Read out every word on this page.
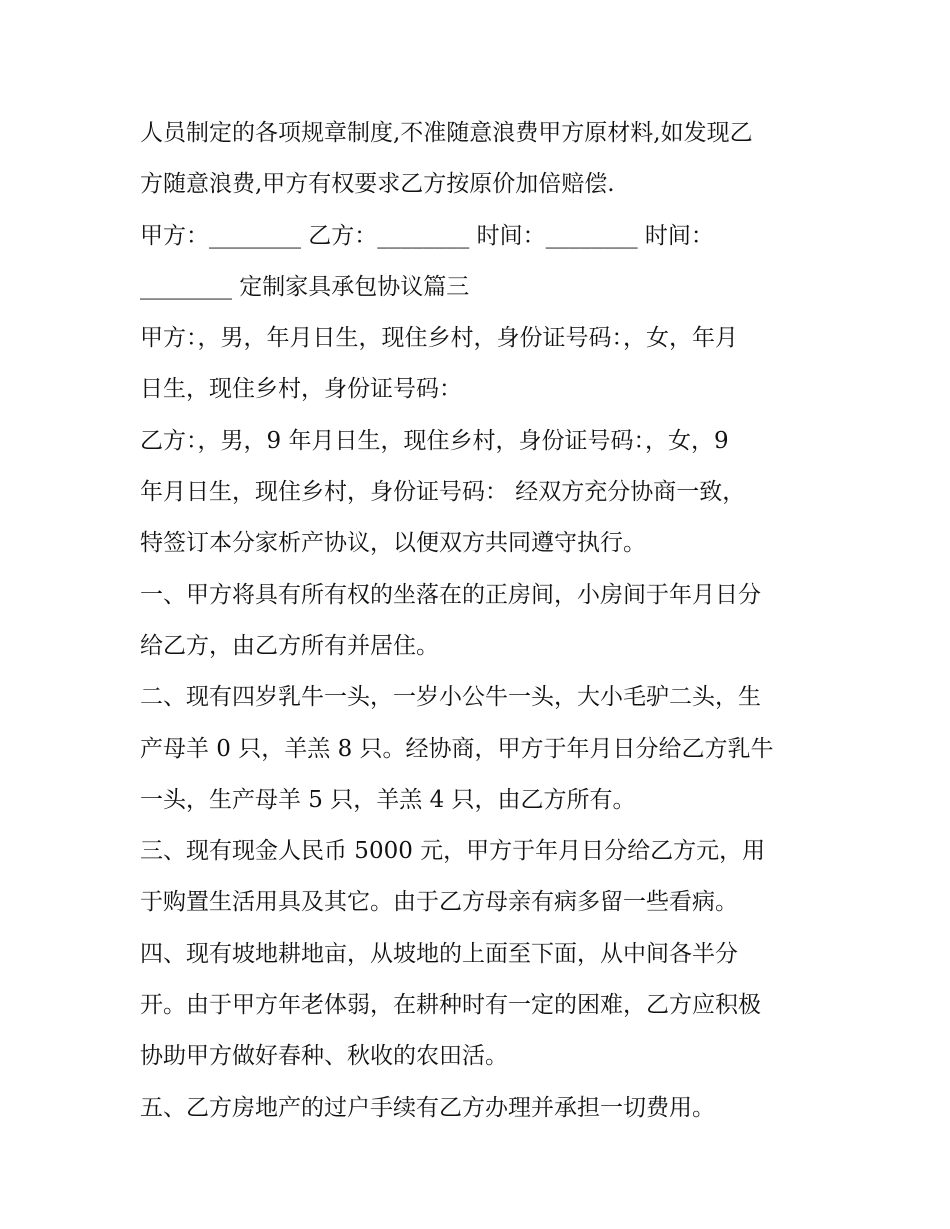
人员制定的各项规章制度,不准随意浪费甲方原材料,如发现乙
方随意浪费,甲方有权要求乙方按原价加倍赔偿.
甲方：________ 乙方：________ 时间：________ 时间：
________ 定制家具承包协议篇三
甲方：，男，年月日生，现住乡村，身份证号码：，女，年月
日生，现住乡村，身份证号码：
乙方：，男，9 年月日生，现住乡村，身份证号码：，女，9
年月日生，现住乡村，身份证号码： 经双方充分协商一致，
特签订本分家析产协议，以便双方共同遵守执行。
一、甲方将具有所有权的坐落在的正房间，小房间于年月日分
给乙方，由乙方所有并居住。
二、现有四岁乳牛一头，一岁小公牛一头，大小毛驴二头，生
产母羊 0 只，羊羔 8 只。经协商，甲方于年月日分给乙方乳牛
一头，生产母羊 5 只，羊羔 4 只，由乙方所有。
三、现有现金人民币 5000 元，甲方于年月日分给乙方元，用
于购置生活用具及其它。由于乙方母亲有病多留一些看病。
四、现有坡地耕地亩，从坡地的上面至下面，从中间各半分
开。由于甲方年老体弱，在耕种时有一定的困难，乙方应积极
协助甲方做好春种、秋收的农田活。
五、乙方房地产的过户手续有乙方办理并承担一切费用。
